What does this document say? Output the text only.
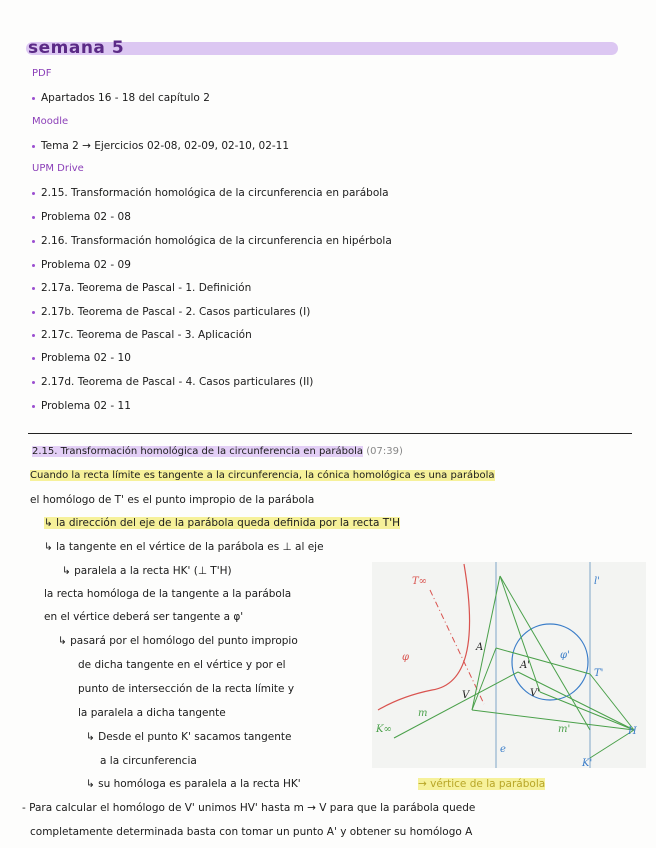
semana 5
PDF
Apartados 16 - 18 del capítulo 2
Moodle
Tema 2 → Ejercicios 02-08, 02-09, 02-10, 02-11
UPM Drive
2.15. Transformación homológica de la circunferencia en parábola
Problema 02 - 08
2.16. Transformación homológica de la circunferencia en hipérbola
Problema 02 - 09
2.17a. Teorema de Pascal - 1. Definición
2.17b. Teorema de Pascal - 2. Casos particulares (I)
2.17c. Teorema de Pascal - 3. Aplicación
Problema 02 - 10
2.17d. Teorema de Pascal - 4. Casos particulares (II)
Problema 02 - 11
2.15. Transformación homológica de la circunferencia en parábola (07:39)
Cuando la recta límite es tangente a la circunferencia, la cónica homológica es una parábola
el homólogo de T' es el punto impropio de la parábola
↳ la dirección del eje de la parábola queda definida por la recta T'H
↳ la tangente en el vértice de la parábola es ⊥ al eje
↳ paralela a la recta HK' (⊥ T'H)
la recta homóloga de la tangente a la parábola
en el vértice deberá ser tangente a φ'
↳ pasará por el homólogo del punto impropio
de dicha tangente en el vértice y por el
punto de intersección de la recta límite y
la paralela a dicha tangente
↳ Desde el punto K' sacamos tangente
a la circunferencia
↳ su homóloga es paralela a la recta HK'	→ vértice de la parábola
- Para calcular el homólogo de V' unimos HV' hasta m → V para que la parábola quede
completamente determinada basta con tomar un punto A' y obtener su homólogo A
T∞	l'
φ'
T'
A
A'
φ
V	V'
K∞
m
m'
e
H
K'
